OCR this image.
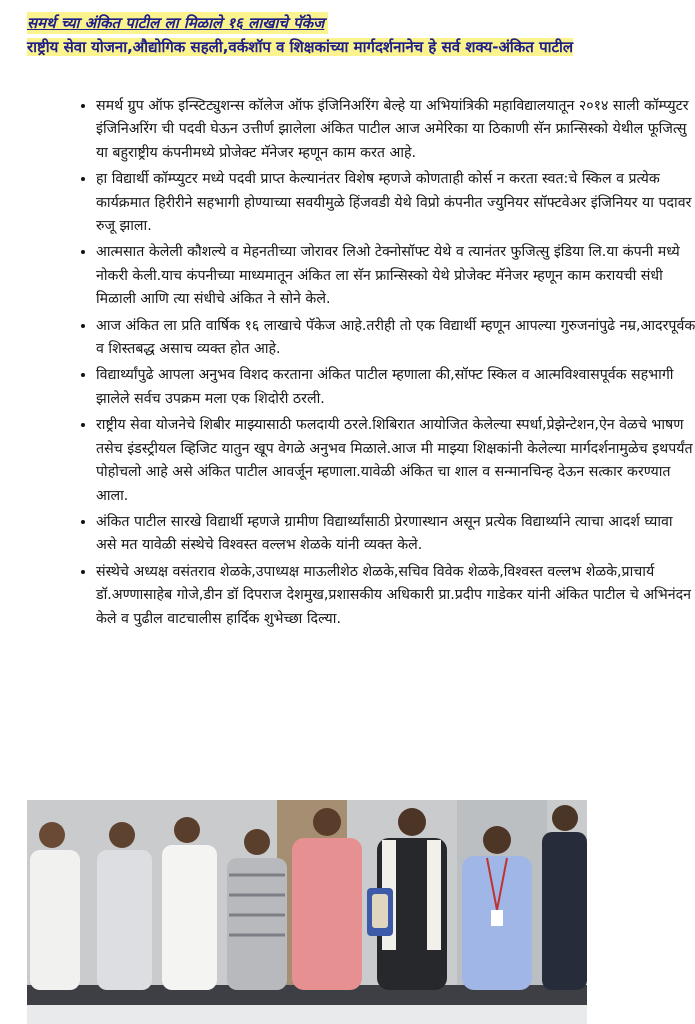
समर्थ च्या अंकित पाटील ला मिळाले १६ लाखाचे पॅकेज
राष्ट्रीय सेवा योजना,औद्योगिक सहली,वर्कशॉप व शिक्षकांच्या मार्गदर्शनानेच हे सर्व शक्य-अंकित पाटील
• समर्थ ग्रुप ऑफ इन्स्टिट्युशन्स कॉलेज ऑफ इंजिनिअरिंग बेल्हे या अभियांत्रिकी महाविद्यालयातून २०१४ साली कॉम्प्युटर इंजिनिअरिंग ची पदवी घेऊन उत्तीर्ण झालेला अंकित पाटील आज अमेरिका या ठिकाणी सॅन फ्रान्सिस्को येथील फूजित्सु या बहुराष्ट्रीय कंपनीमध्ये प्रोजेक्ट मॅनेजर म्हणून काम करत आहे.
• हा विद्यार्थी कॉम्प्युटर मध्ये पदवी प्राप्त केल्यानंतर विशेष म्हणजे कोणताही कोर्स न करता स्वत:चे स्किल व प्रत्येक कार्यक्रमात हिरीरीने सहभागी होण्याच्या सवयीमुळे हिंजवडी येथे विप्रो कंपनीत ज्युनियर सॉफ्टवेअर इंजिनियर या पदावर रुजू झाला.
• आत्मसात केलेली कौशल्ये व मेहनतीच्या जोरावर लिओ टेक्नोसॉफ्ट येथे व त्यानंतर फुजित्सु इंडिया लि.या कंपनी मध्ये नोकरी केली.याच कंपनीच्या माध्यमातून अंकित ला सॅन फ्रान्सिस्को येथे प्रोजेक्ट मॅनेजर म्हणून काम करायची संधी मिळाली आणि त्या संधीचे अंकित ने सोने केले.
• आज अंकित ला प्रति वार्षिक १६ लाखाचे पॅकेज आहे.तरीही तो एक विद्यार्थी म्हणून आपल्या गुरुजनांपुढे नम्र,आदरपूर्वक व शिस्तबद्ध असाच व्यक्त होत आहे.
• विद्यार्थ्यांपुढे आपला अनुभव विशद करताना अंकित पाटील म्हणाला की,सॉफ्ट स्किल व आत्मविश्वासपूर्वक सहभागी झालेले सर्वच उपक्रम मला एक शिदोरी ठरली.
• राष्ट्रीय सेवा योजनेचे शिबीर माझ्यासाठी फलदायी ठरले.शिबिरात आयोजित केलेल्या स्पर्धा,प्रेझेन्टेशन,ऐन वेळचे भाषण तसेच इंडस्ट्रीयल व्हिजिट यातुन खूप वेगळे अनुभव मिळाले.आज मी माझ्या शिक्षकांनी केलेल्या मार्गदर्शनामुळेच इथपर्यंत पोहोचलो आहे असे अंकित पाटील आवर्जून म्हणाला.यावेळी अंकित चा शाल व सन्मानचिन्ह देऊन सत्कार करण्यात आला.
• अंकित पाटील सारखे विद्यार्थी म्हणजे ग्रामीण विद्यार्थ्यांसाठी प्रेरणास्थान असून प्रत्येक विद्यार्थ्याने त्याचा आदर्श घ्यावा असे मत यावेळी संस्थेचे विश्वस्त वल्लभ शेळके यांनी व्यक्त केले.
• संस्थेचे अध्यक्ष वसंतराव शेळके,उपाध्यक्ष माऊलीशेठ शेळके,सचिव विवेक शेळके,विश्वस्त वल्लभ शेळके,प्राचार्य डॉ.अण्णासाहेब गोजे,डीन डॉ दिपराज देशमुख,प्रशासकीय अधिकारी प्रा.प्रदीप गाडेकर यांनी अंकित पाटील चे अभिनंदन केले व पुढील वाटचालीस हार्दिक शुभेच्छा दिल्या.
